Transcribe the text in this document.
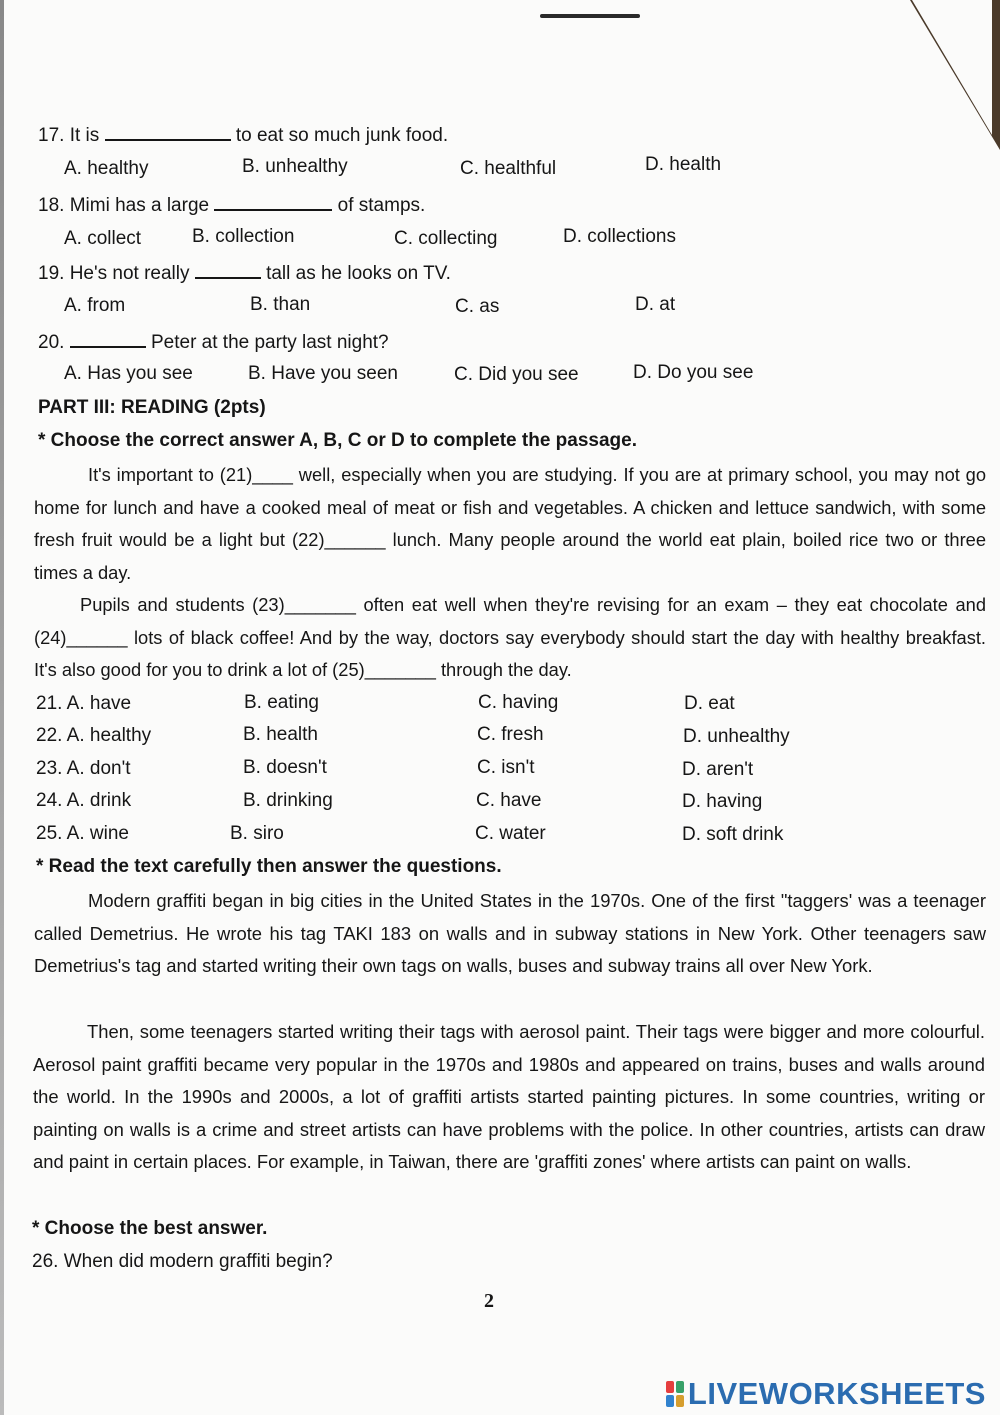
17. It is	to eat so much junk food.
A. healthy	B. unhealthy	C. healthful	D. health
18. Mimi has a large	of stamps.
A. collect	B. collection	C. collecting	D. collections
19. He's not really	tall as he looks on TV.
A. from	B. than	C. as	D. at
20.	Peter at the party last night?
A. Has you see	B. Have you seen	C. Did you see	D. Do you see
PART III: READING (2pts)
* Choose the correct answer A, B, C or D to complete the passage.
It's important to (21)____ well, especially when you are studying. If you are at primary school, you may not go home for lunch and have a cooked meal of meat or fish and vegetables. A chicken and lettuce sandwich, with some fresh fruit would be a light but (22)______ lunch. Many people around the world eat plain, boiled rice two or three times a day.
Pupils and students (23)_______ often eat well when they're revising for an exam – they eat chocolate and (24)______ lots of black coffee! And by the way, doctors say everybody should start the day with healthy breakfast. It's also good for you to drink a lot of (25)_______ through the day.
21. A. have	B. eating	C. having	D. eat
22. A. healthy	B. health	C. fresh	D. unhealthy
23. A. don't	B. doesn't	C. isn't	D. aren't
24. A. drink	B. drinking	C. have	D. having
25. A. wine	B. siro	C. water	D. soft drink
* Read the text carefully then answer the questions.
Modern graffiti began in big cities in the United States in the 1970s. One of the first "taggers' was a teenager called Demetrius. He wrote his tag TAKI 183 on walls and in subway stations in New York. Other teenagers saw Demetrius's tag and started writing their own tags on walls, buses and subway trains all over New York.
Then, some teenagers started writing their tags with aerosol paint. Their tags were bigger and more colourful. Aerosol paint graffiti became very popular in the 1970s and 1980s and appeared on trains, buses and walls around the world. In the 1990s and 2000s, a lot of graffiti artists started painting pictures. In some countries, writing or painting on walls is a crime and street artists can have problems with the police. In other countries, artists can draw and paint in certain places. For example, in Taiwan, there are 'graffiti zones' where artists can paint on walls.
* Choose the best answer.
26. When did modern graffiti begin?
2
LIVEWORKSHEETS
